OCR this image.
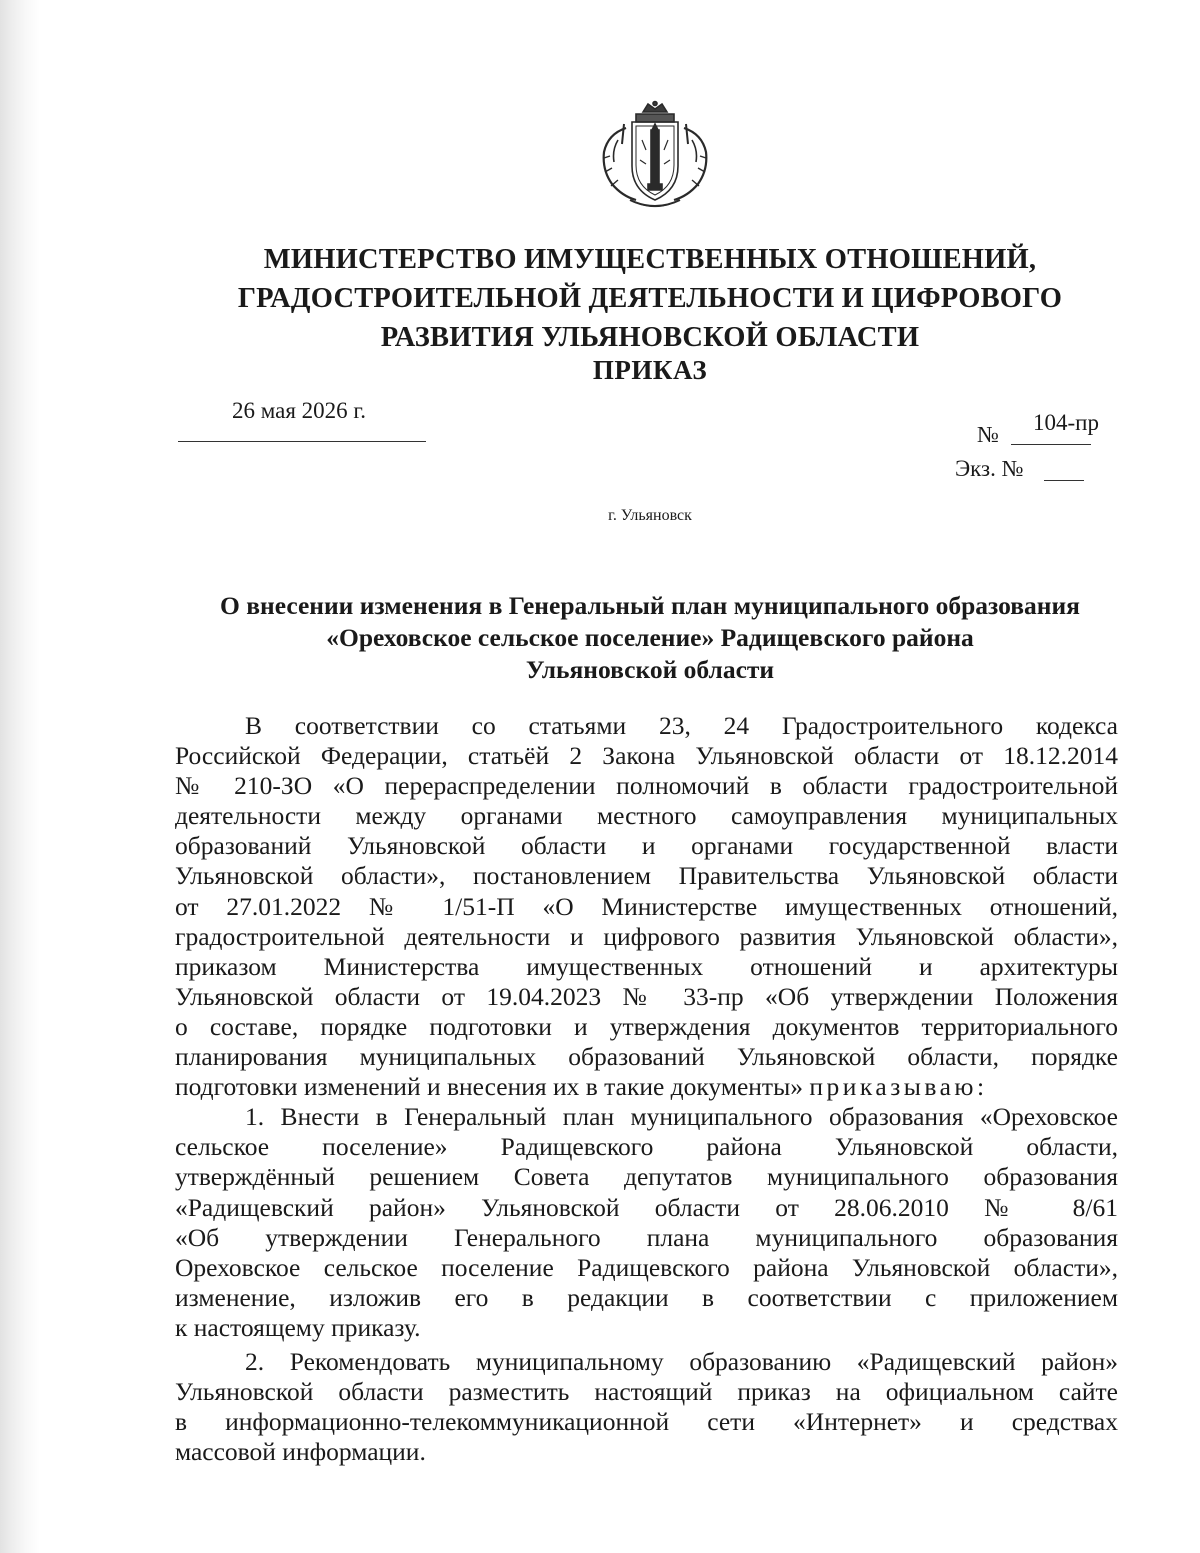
МИНИСТЕРСТВО ИМУЩЕСТВЕННЫХ ОТНОШЕНИЙ,
ГРАДОСТРОИТЕЛЬНОЙ ДЕЯТЕЛЬНОСТИ И ЦИФРОВОГО
РАЗВИТИЯ УЛЬЯНОВСКОЙ ОБЛАСТИ
ПРИКАЗ
26 мая 2026 г.
№ 104-пр
Экз. №
г. Ульяновск
О внесении изменения в Генеральный план муниципального образования
«Ореховское сельское поселение» Радищевского района
Ульяновской области
В соответствии со статьями 23, 24 Градостроительного кодекса
Российской Федерации, статьёй 2 Закона Ульяновской области от 18.12.2014
№ 210-ЗО «О перераспределении полномочий в области градостроительной
деятельности между органами местного самоуправления муниципальных
образований Ульяновской области и органами государственной власти
Ульяновской области», постановлением Правительства Ульяновской области
от 27.01.2022 № 1/51-П «О Министерстве имущественных отношений,
градостроительной деятельности и цифрового развития Ульяновской области»,
приказом Министерства имущественных отношений и архитектуры
Ульяновской области от 19.04.2023 № 33-пр «Об утверждении Положения
о составе, порядке подготовки и утверждения документов территориального
планирования муниципальных образований Ульяновской области, порядке
подготовки изменений и внесения их в такие документы» приказываю:
1. Внести в Генеральный план муниципального образования «Ореховское
сельское поселение» Радищевского района Ульяновской области,
утверждённый решением Совета депутатов муниципального образования
«Радищевский район» Ульяновской области от 28.06.2010 № 8/61
«Об утверждении Генерального плана муниципального образования
Ореховское сельское поселение Радищевского района Ульяновской области»,
изменение, изложив его в редакции в соответствии с приложением
к настоящему приказу.
2. Рекомендовать муниципальному образованию «Радищевский район»
Ульяновской области разместить настоящий приказ на официальном сайте
в информационно-телекоммуникационной сети «Интернет» и средствах
массовой информации.
